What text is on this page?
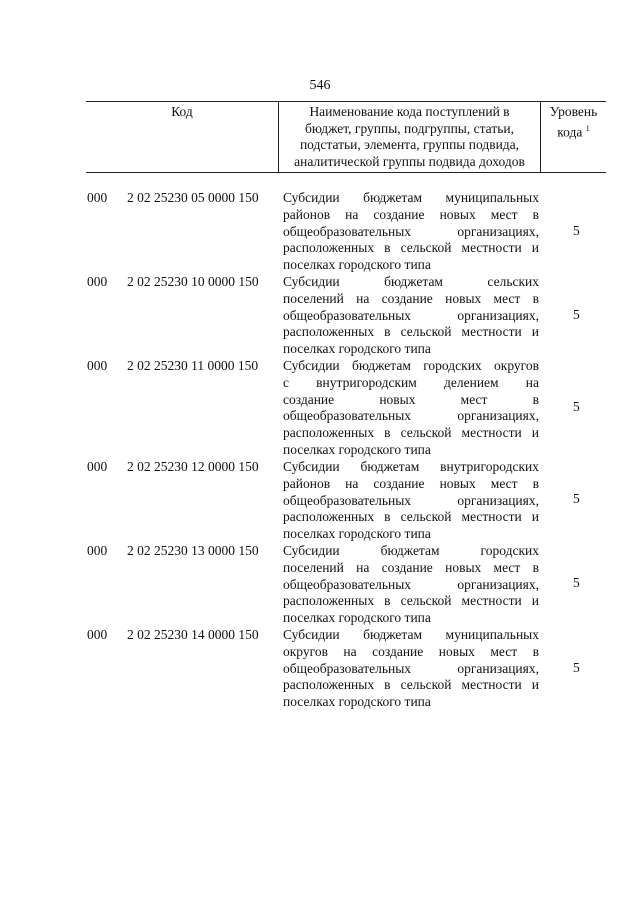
546
Код	Наименование кода поступлений в
бюджет, группы, подгруппы, статьи,
подстатьи, элемента, группы подвида,
аналитической группы подвида доходов
Уровень
кода $^1$
000 2 02 25230 05 0000 150 Субсидии бюджетам муниципальных
районов на создание новых мест в
общеобразовательных организациях,
расположенных в сельской местности и
поселках городского типа
5
000 2 02 25230 10 0000 150 Субсидии бюджетам сельских
поселений на создание новых мест в
общеобразовательных организациях,
расположенных в сельской местности и
поселках городского типа
5
000 2 02 25230 11 0000 150 Субсидии бюджетам городских округов
с внутригородским делением на
создание новых мест в
общеобразовательных организациях,
расположенных в сельской местности и
поселках городского типа
5
000 2 02 25230 12 0000 150 Субсидии бюджетам внутригородских
районов на создание новых мест в
общеобразовательных организациях,
расположенных в сельской местности и
поселках городского типа
5
000 2 02 25230 13 0000 150 Субсидии бюджетам городских
поселений на создание новых мест в
общеобразовательных организациях,
расположенных в сельской местности и
поселках городского типа
5
000 2 02 25230 14 0000 150 Субсидии бюджетам муниципальных
округов на создание новых мест в
общеобразовательных организациях,
расположенных в сельской местности и
поселках городского типа
5
